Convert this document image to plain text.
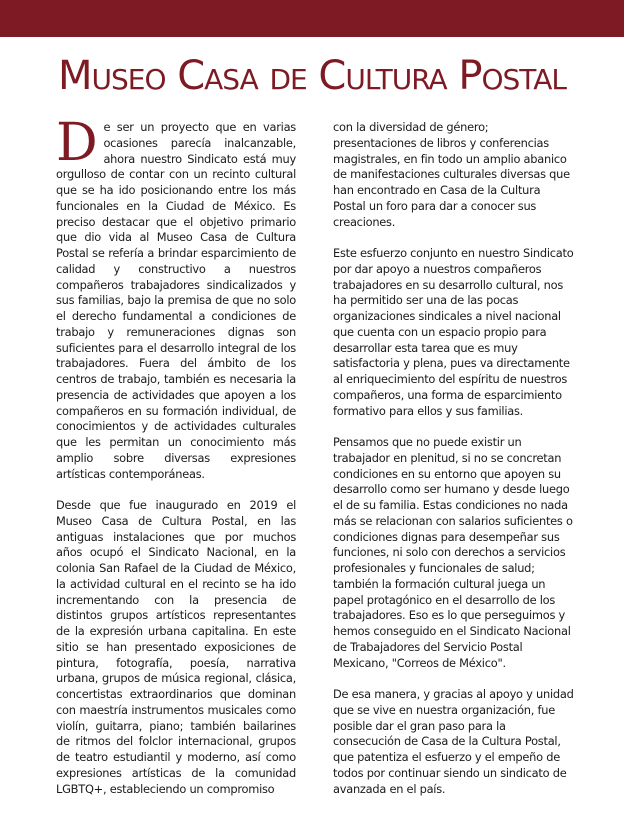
Museo Casa de Cultura Postal

De ser un proyecto que en varias ocasiones parecía inalcanzable, ahora nuestro Sindicato está muy orgulloso de contar con un recinto cultural que se ha ido posicionando entre los más funcionales en la Ciudad de México. Es preciso destacar que el objetivo primario que dio vida al Museo Casa de Cultura Postal se refería a brindar esparcimiento de calidad y constructivo a nuestros compañeros trabajadores sindicalizados y sus familias, bajo la premisa de que no solo el derecho fundamental a condiciones de trabajo y remuneraciones dignas son suficientes para el desarrollo integral de los trabajadores. Fuera del ámbito de los centros de trabajo, también es necesaria la presencia de actividades que apoyen a los compañeros en su formación individual, de conocimientos y de actividades culturales que les permitan un conocimiento más amplio sobre diversas expresiones artísticas contemporáneas.

Desde que fue inaugurado en 2019 el Museo Casa de Cultura Postal, en las antiguas instalaciones que por muchos años ocupó el Sindicato Nacional, en la colonia San Rafael de la Ciudad de México, la actividad cultural en el recinto se ha ido incrementando con la presencia de distintos grupos artísticos representantes de la expresión urbana capitalina. En este sitio se han presentado exposiciones de pintura, fotografía, poesía, narrativa urbana, grupos de música regional, clásica, concertistas extraordinarios que dominan con maestría instrumentos musicales como violín, guitarra, piano; también bailarines de ritmos del folclor internacional, grupos de teatro estudiantil y moderno, así como expresiones artísticas de la comunidad LGBTQ+, estableciendo un compromiso

con la diversidad de género; presentaciones de libros y conferencias magistrales, en fin todo un amplio abanico de manifestaciones culturales diversas que han encontrado en Casa de la Cultura Postal un foro para dar a conocer sus creaciones.

Este esfuerzo conjunto en nuestro Sindicato por dar apoyo a nuestros compañeros trabajadores en su desarrollo cultural, nos ha permitido ser una de las pocas organizaciones sindicales a nivel nacional que cuenta con un espacio propio para desarrollar esta tarea que es muy satisfactoria y plena, pues va directamente al enriquecimiento del espíritu de nuestros compañeros, una forma de esparcimiento formativo para ellos y sus familias.

Pensamos que no puede existir un trabajador en plenitud, si no se concretan condiciones en su entorno que apoyen su desarrollo como ser humano y desde luego el de su familia. Estas condiciones no nada más se relacionan con salarios suficientes o condiciones dignas para desempeñar sus funciones, ni solo con derechos a servicios profesionales y funcionales de salud; también la formación cultural juega un papel protagónico en el desarrollo de los trabajadores. Eso es lo que perseguimos y hemos conseguido en el Sindicato Nacional de Trabajadores del Servicio Postal Mexicano, "Correos de México".

De esa manera, y gracias al apoyo y unidad que se vive en nuestra organización, fue posible dar el gran paso para la consecución de Casa de la Cultura Postal, que patentiza el esfuerzo y el empeño de todos por continuar siendo un sindicato de avanzada en el país.
